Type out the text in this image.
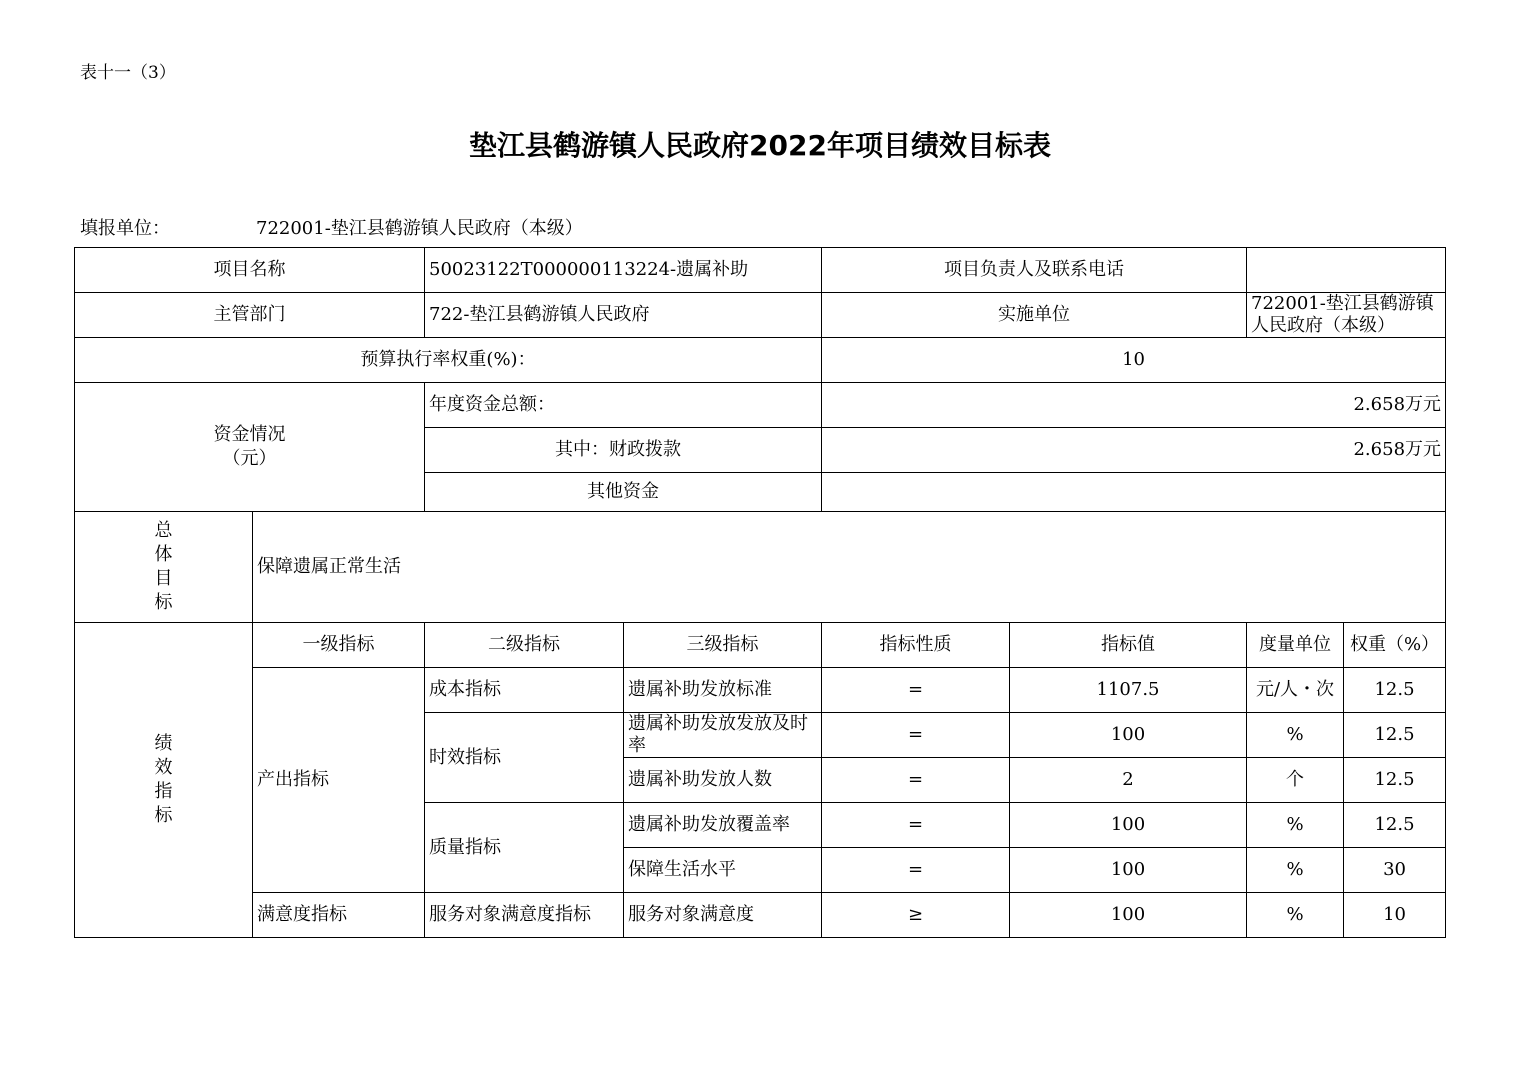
表十一（3）
垫江县鹤游镇人民政府2022年项目绩效目标表
填报单位：	722001-垫江县鹤游镇人民政府（本级）
项目名称		50023122T000000113224-遗属补助		项目负责人及联系电话			
主管部门		722-垫江县鹤游镇人民政府		实施单位		722001-垫江县鹤游镇人民政府（本级）	

预算执行率权重(%)：				10			
资金情况
（元）		年度资金总额：		2.658万元			
		其中：财政拨款		2.658万元			
		其他资金					
总
体
目
标	保障遗属正常生活						
绩
效
指
标	一级指标	二级指标	三级指标	指标性质	指标值	度量单位	权重（%）
	产出指标	成本指标	遗属补助发放标准	=	1107.5	元/人・次	12.5
		时效指标	遗属补助发放发放及时率	=	100	%	12.5
			遗属补助发放人数	=	2	个	12.5
		质量指标	遗属补助发放覆盖率	=	100	%	12.5
			保障生活水平	=	100	%	30
	满意度指标	服务对象满意度指标	服务对象满意度	≥	100	%	10
